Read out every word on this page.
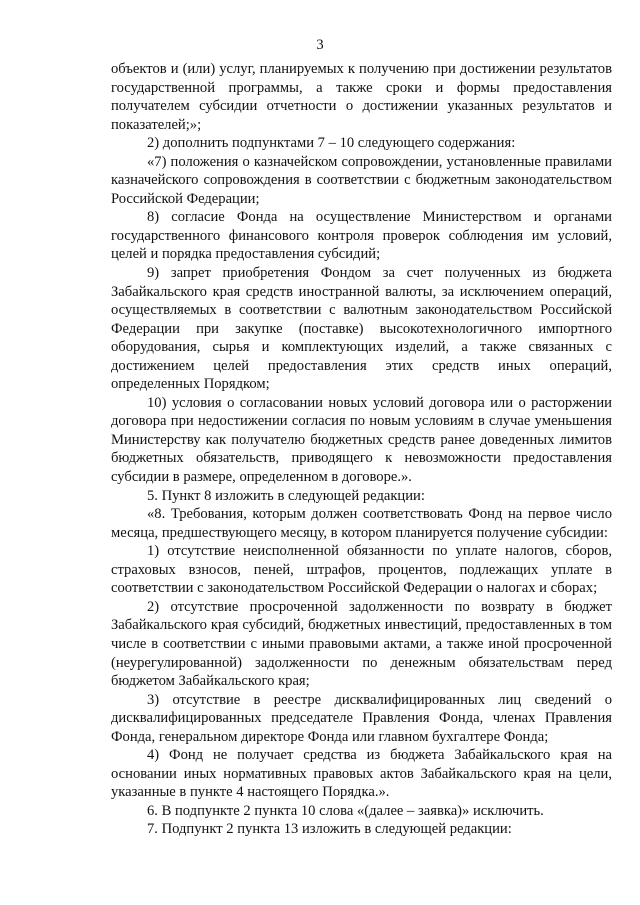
3

объектов и (или) услуг, планируемых к получению при достижении результатов государственной программы, а также сроки и формы предоставления получателем субсидии отчетности о достижении указанных результатов и показателей;»;

2) дополнить подпунктами 7 – 10 следующего содержания:

«7) положения о казначейском сопровождении, установленные правилами казначейского сопровождения в соответствии с бюджетным законодательством Российской Федерации;

8) согласие Фонда на осуществление Министерством и органами государственного финансового контроля проверок соблюдения им условий, целей и порядка предоставления субсидий;

9) запрет приобретения Фондом за счет полученных из бюджета Забайкальского края средств иностранной валюты, за исключением операций, осуществляемых в соответствии с валютным законодательством Российской Федерации при закупке (поставке) высокотехнологичного импортного оборудования, сырья и комплектующих изделий, а также связанных с достижением целей предоставления этих средств иных операций, определенных Порядком;

10) условия о согласовании новых условий договора или о расторжении договора при недостижении согласия по новым условиям в случае уменьшения Министерству как получателю бюджетных средств ранее доведенных лимитов бюджетных обязательств, приводящего к невозможности предоставления субсидии в размере, определенном в договоре.».

5. Пункт 8 изложить в следующей редакции:

«8. Требования, которым должен соответствовать Фонд на первое число месяца, предшествующего месяцу, в котором планируется получение субсидии:

1) отсутствие неисполненной обязанности по уплате налогов, сборов, страховых взносов, пеней, штрафов, процентов, подлежащих уплате в соответствии с законодательством Российской Федерации о налогах и сборах;

2) отсутствие просроченной задолженности по возврату в бюджет Забайкальского края субсидий, бюджетных инвестиций, предоставленных в том числе в соответствии с иными правовыми актами, а также иной просроченной (неурегулированной) задолженности по денежным обязательствам перед бюджетом Забайкальского края;

3) отсутствие в реестре дисквалифицированных лиц сведений о дисквалифицированных председателе Правления Фонда, членах Правления Фонда, генеральном директоре Фонда или главном бухгалтере Фонда;

4) Фонд не получает средства из бюджета Забайкальского края на основании иных нормативных правовых актов Забайкальского края на цели, указанные в пункте 4 настоящего Порядка.».

6. В подпункте 2 пункта 10 слова «(далее – заявка)» исключить.

7. Подпункт 2 пункта 13 изложить в следующей редакции:
